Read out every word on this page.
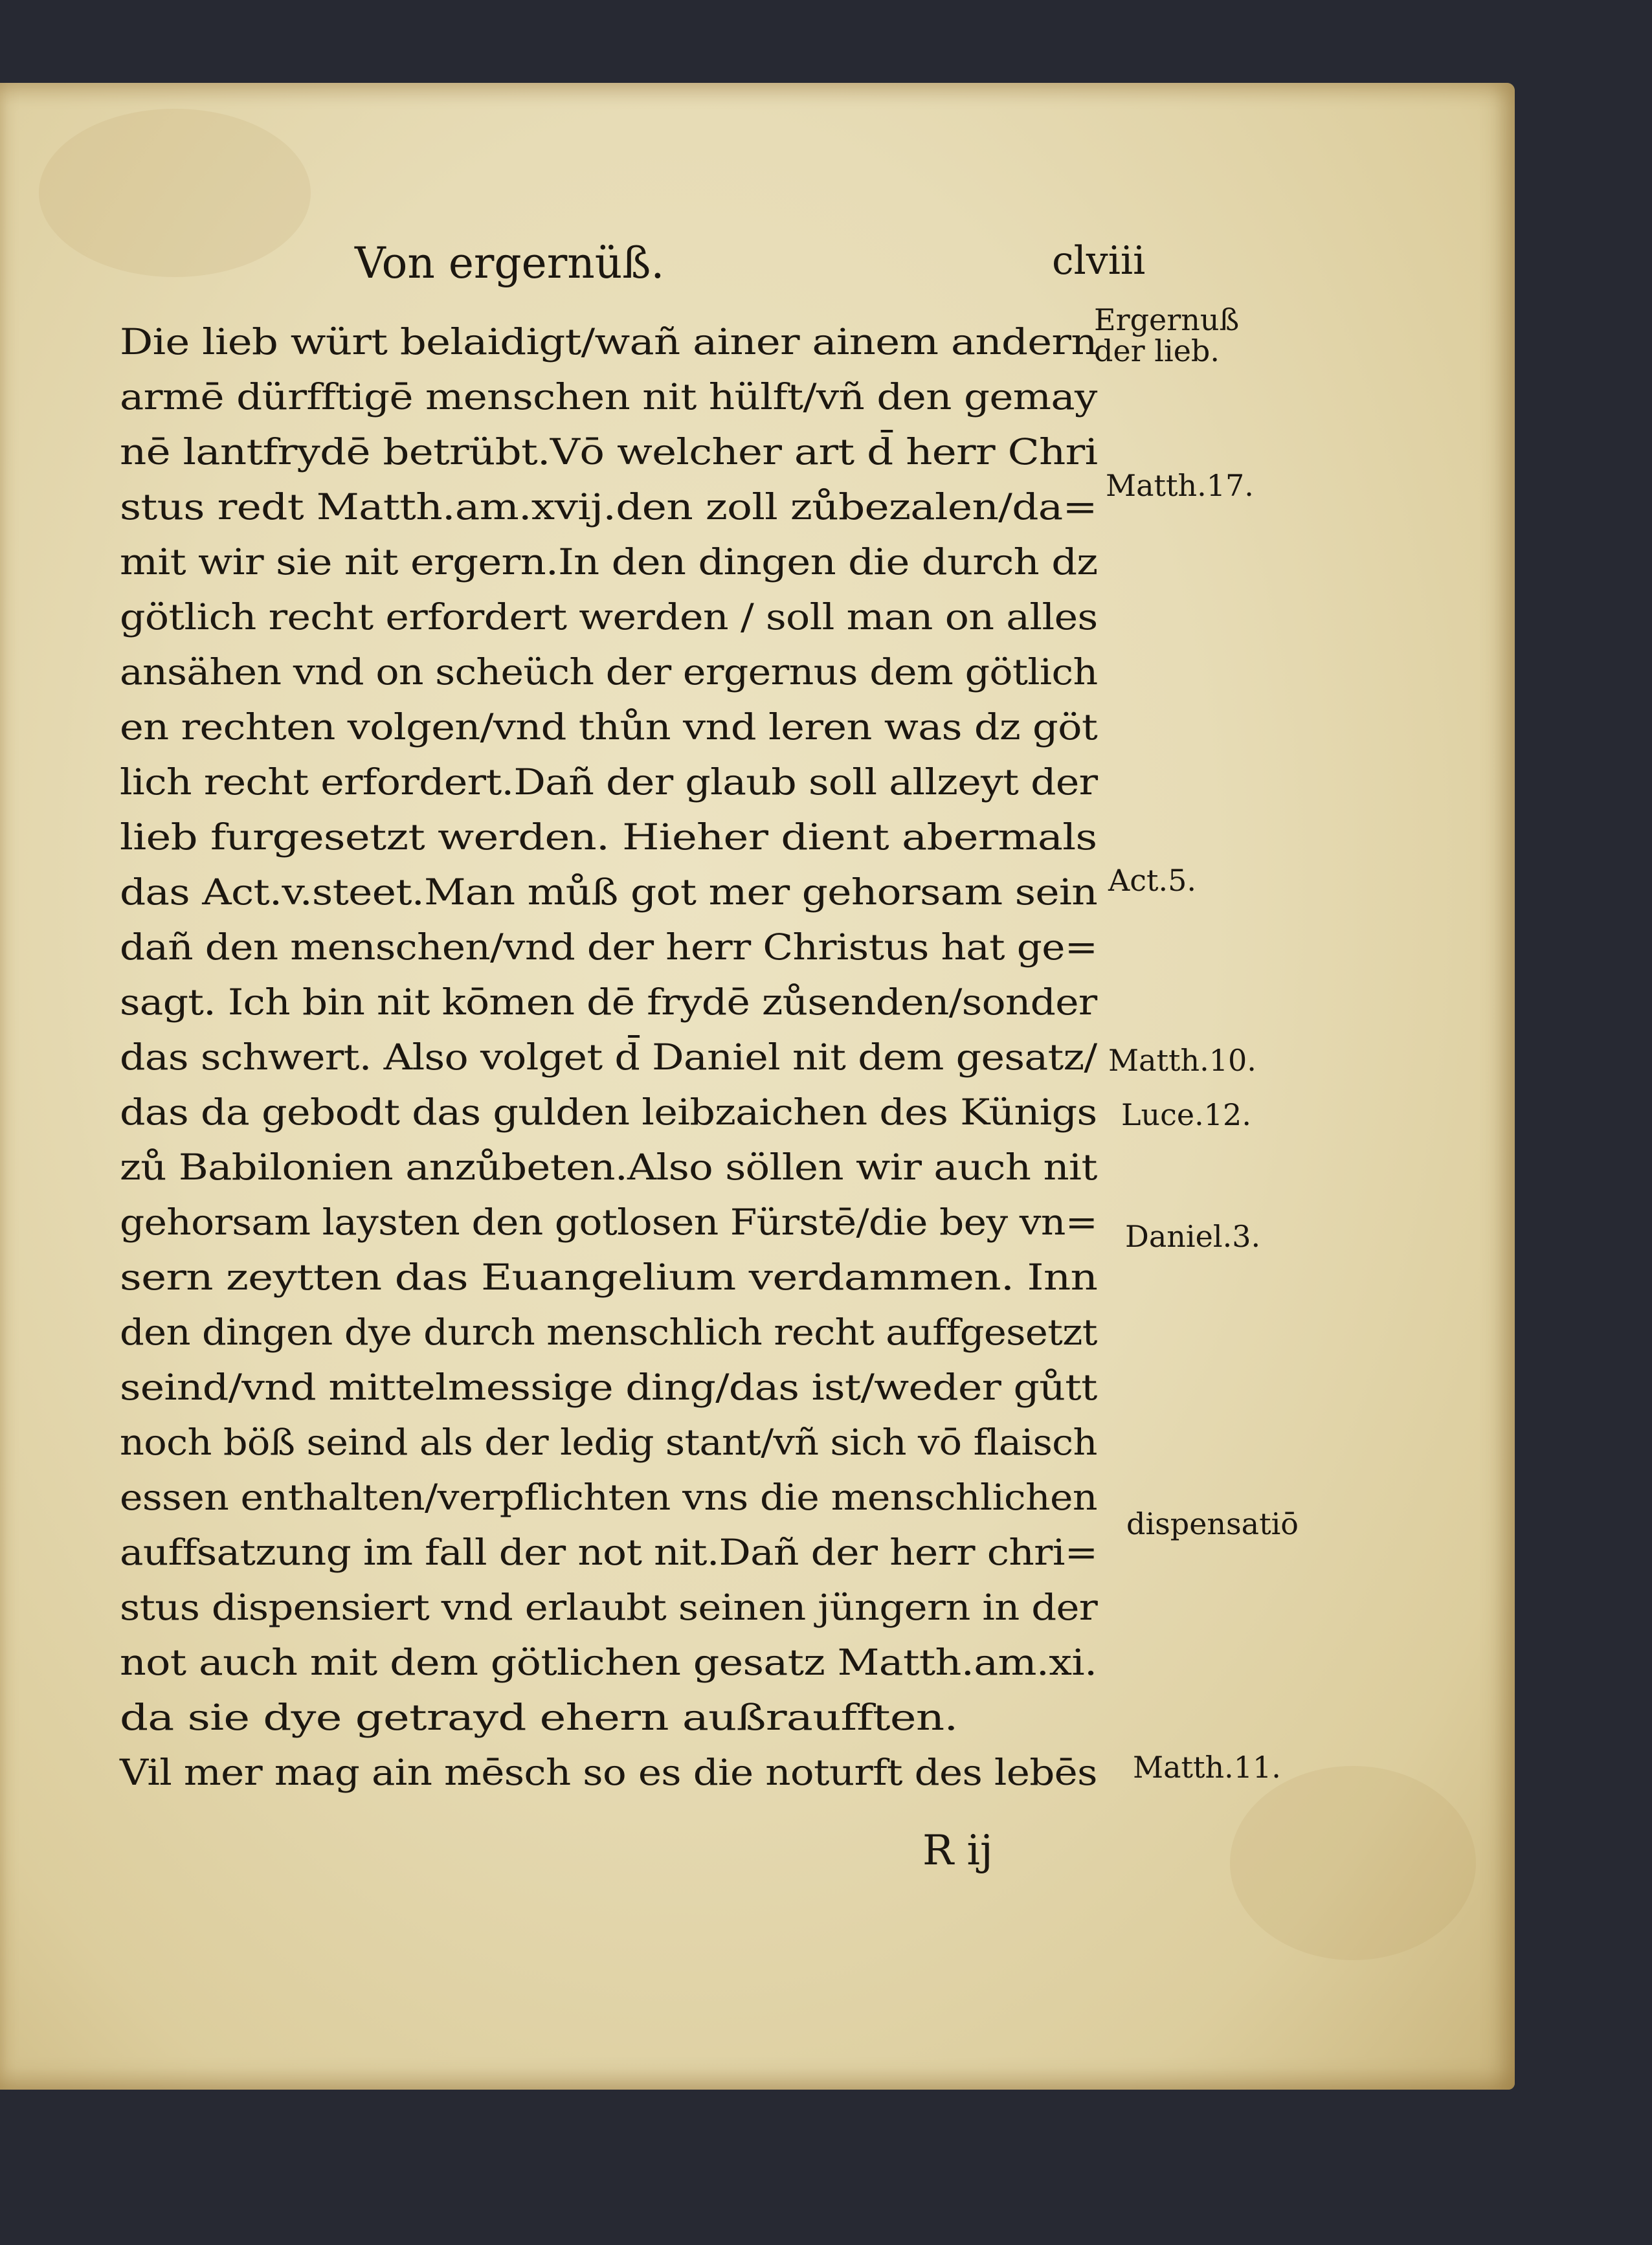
Von ergernüß.	clviii
Die lieb würt belaidigt/wañ ainer ainem andern
armē dürfftigē menschen nit hülft/vñ den gemay
nē lantfrydē betrübt.Vō welcher art d̄ herr Chri
stus redt Matth.am.xvij.den zoll zůbezalen/da=
mit wir sie nit ergern.In den dingen die durch dz
götlich recht erfordert werden / soll man on alles
ansähen vnd on scheüch der ergernus dem götlich
en rechten volgen/vnd thůn vnd leren was dz göt
lich recht erfordert.Dañ der glaub soll allzeyt der
lieb furgesetzt werden. Hieher dient abermals
das Act.v.steet.Man můß got mer gehorsam sein
dañ den menschen/vnd der herr Christus hat ge=
sagt. Ich bin nit kōmen dē frydē zůsenden/sonder
das schwert. Also volget d̄ Daniel nit dem gesatz/
das da gebodt das gulden leibzaichen des Künigs
zů Babilonien anzůbeten.Also söllen wir auch nit
gehorsam laysten den gotlosen Fürstē/die bey vn=
sern zeytten das Euangelium verdammen. Inn
den dingen dye durch menschlich recht auffgesetzt
seind/vnd mittelmessige ding/das ist/weder gůtt
noch böß seind als der ledig stant/vñ sich vō flaisch
essen enthalten/verpflichten vns die menschlichen
auffsatzung im fall der not nit.Dañ der herr chri=
stus dispensiert vnd erlaubt seinen jüngern in der
not auch mit dem götlichen gesatz Matth.am.xi.
da sie dye getrayd ehern außraufften.
Vil mer mag ain mēsch so es die noturft des lebēs
Ergernuß
der lieb.
Matth.17.
Act.5.
Matth.10.
Luce.12.
Daniel.3.
dispensatiō
Matth.11.
R ij
